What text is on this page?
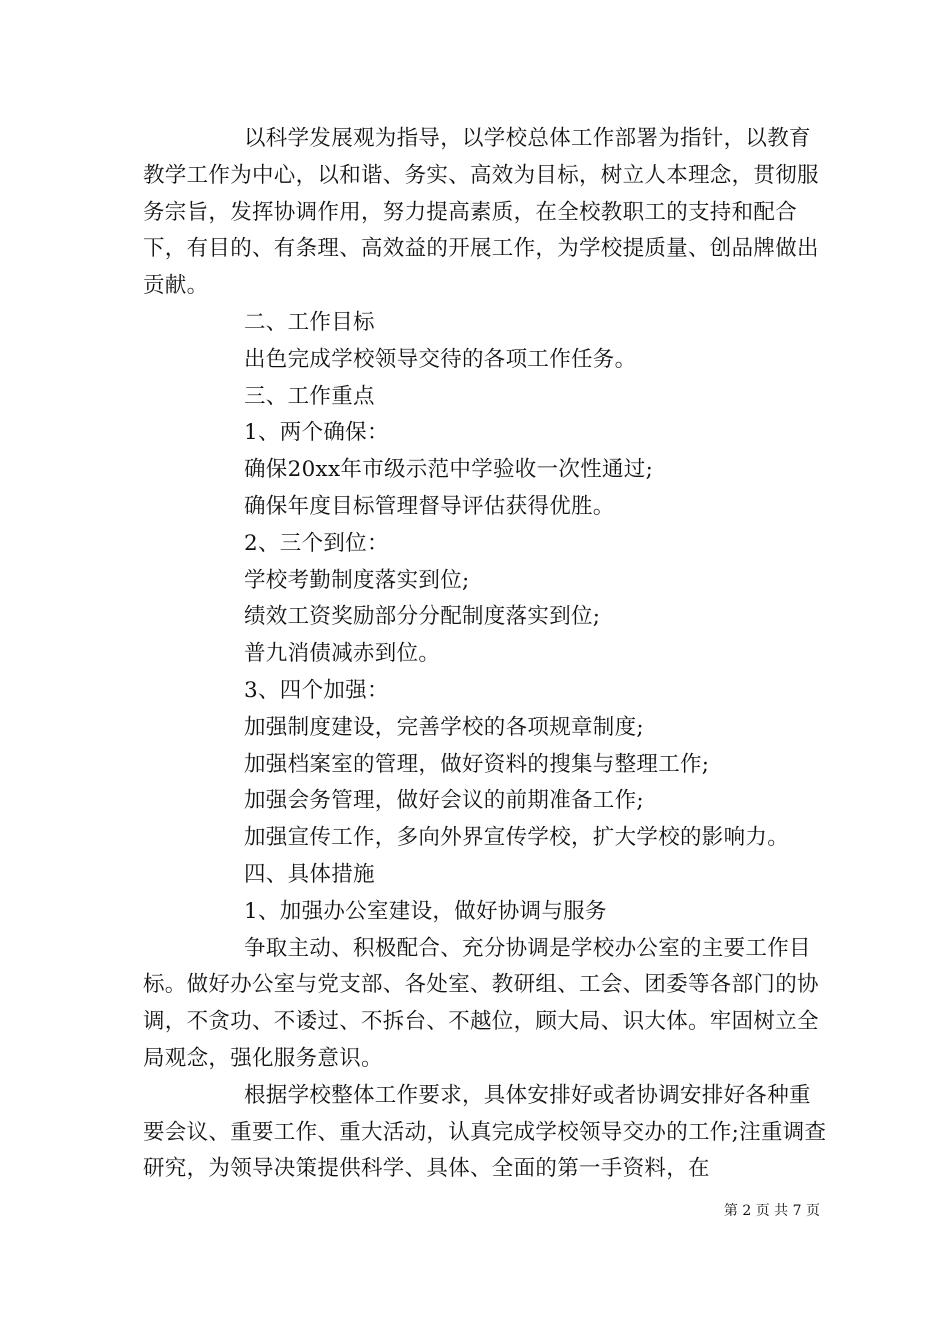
以科学发展观为指导，以学校总体工作部署为指针，以教育教学工作为中心，以和谐、务实、高效为目标，树立人本理念，贯彻服务宗旨，发挥协调作用，努力提高素质，在全校教职工的支持和配合下，有目的、有条理、高效益的开展工作，为学校提质量、创品牌做出贡献。

二、工作目标

出色完成学校领导交待的各项工作任务。

三、工作重点

1、两个确保：

确保20xx年市级示范中学验收一次性通过;

确保年度目标管理督导评估获得优胜。

2、三个到位：

学校考勤制度落实到位;

绩效工资奖励部分分配制度落实到位;

普九消债减赤到位。

3、四个加强：

加强制度建设，完善学校的各项规章制度;

加强档案室的管理，做好资料的搜集与整理工作;

加强会务管理，做好会议的前期准备工作;

加强宣传工作，多向外界宣传学校，扩大学校的影响力。

四、具体措施

1、加强办公室建设，做好协调与服务

争取主动、积极配合、充分协调是学校办公室的主要工作目标。做好办公室与党支部、各处室、教研组、工会、团委等各部门的协调，不贪功、不诿过、不拆台、不越位，顾大局、识大体。牢固树立全局观念，强化服务意识。

根据学校整体工作要求，具体安排好或者协调安排好各种重要会议、重要工作、重大活动，认真完成学校领导交办的工作;注重调查研究，为领导决策提供科学、具体、全面的第一手资料，在

第 2 页 共 7 页
